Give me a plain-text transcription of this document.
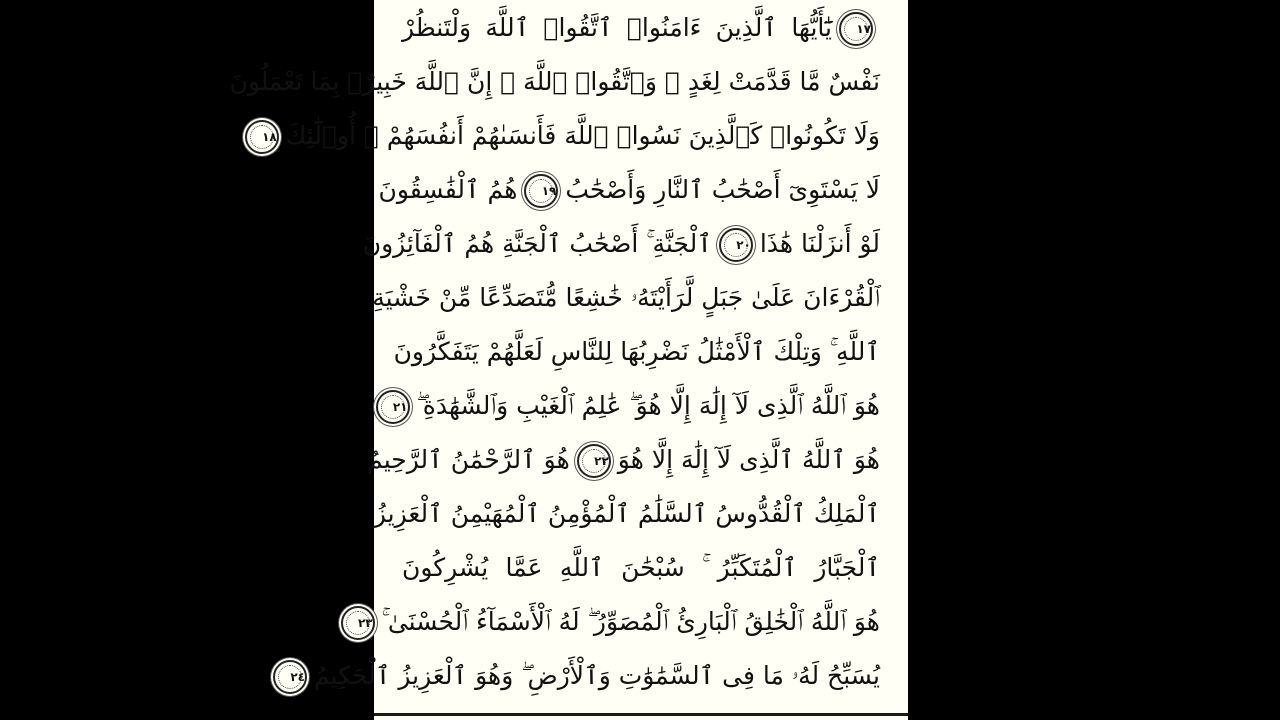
١٧
يَٰٓأَيُّهَا ٱلَّذِينَ ءَامَنُوا۟ ٱتَّقُوا۟ ٱللَّهَ وَلْتَنظُرْ
نَفْسٌ مَّا قَدَّمَتْ لِغَدٍ ۖ وَٱتَّقُوا۟ ٱللَّهَ ۚ إِنَّ ٱللَّهَ خَبِيرٌۢ بِمَا تَعْمَلُونَ
وَلَا تَكُونُوا۟ كَٱلَّذِينَ نَسُوا۟ ٱللَّهَ فَأَنسَىٰهُمْ أَنفُسَهُمْ ۚ أُو۟لَٰٓئِكَ
١٨
لَا يَسْتَوِىٓ أَصْحَٰبُ ٱلنَّارِ وَأَصْحَٰبُ
١٩
هُمُ ٱلْفَٰسِقُونَ
لَوْ أَنزَلْنَا هَٰذَا
٢٠
ٱلْجَنَّةِ ۚ أَصْحَٰبُ ٱلْجَنَّةِ هُمُ ٱلْفَآئِزُونَ
ٱلْقُرْءَانَ عَلَىٰ جَبَلٍ لَّرَأَيْتَهُۥ خَٰشِعًا مُّتَصَدِّعًا مِّنْ خَشْيَةِ
ٱللَّهِ ۚ وَتِلْكَ ٱلْأَمْثَٰلُ نَضْرِبُهَا لِلنَّاسِ لَعَلَّهُمْ يَتَفَكَّرُونَ
هُوَ ٱللَّهُ ٱلَّذِى لَآ إِلَٰهَ إِلَّا هُوَ ۖ عَٰلِمُ ٱلْغَيْبِ وَٱلشَّهَٰدَةِ ۖ
٢١
هُوَ ٱللَّهُ ٱلَّذِى لَآ إِلَٰهَ إِلَّا هُوَ
٢٢
هُوَ ٱلرَّحْمَٰنُ ٱلرَّحِيمُ
ٱلْمَلِكُ ٱلْقُدُّوسُ ٱلسَّلَٰمُ ٱلْمُؤْمِنُ ٱلْمُهَيْمِنُ ٱلْعَزِيزُ
ٱلْجَبَّارُ ٱلْمُتَكَبِّرُ ۚ سُبْحَٰنَ ٱللَّهِ عَمَّا يُشْرِكُونَ
هُوَ ٱللَّهُ ٱلْخَٰلِقُ ٱلْبَارِئُ ٱلْمُصَوِّرُ ۖ لَهُ ٱلْأَسْمَآءُ ٱلْحُسْنَىٰ ۚ
٢٣
يُسَبِّحُ لَهُۥ مَا فِى ٱلسَّمَٰوَٰتِ وَٱلْأَرْضِ ۖ وَهُوَ ٱلْعَزِيزُ ٱلْحَكِيمُ
٢٤
